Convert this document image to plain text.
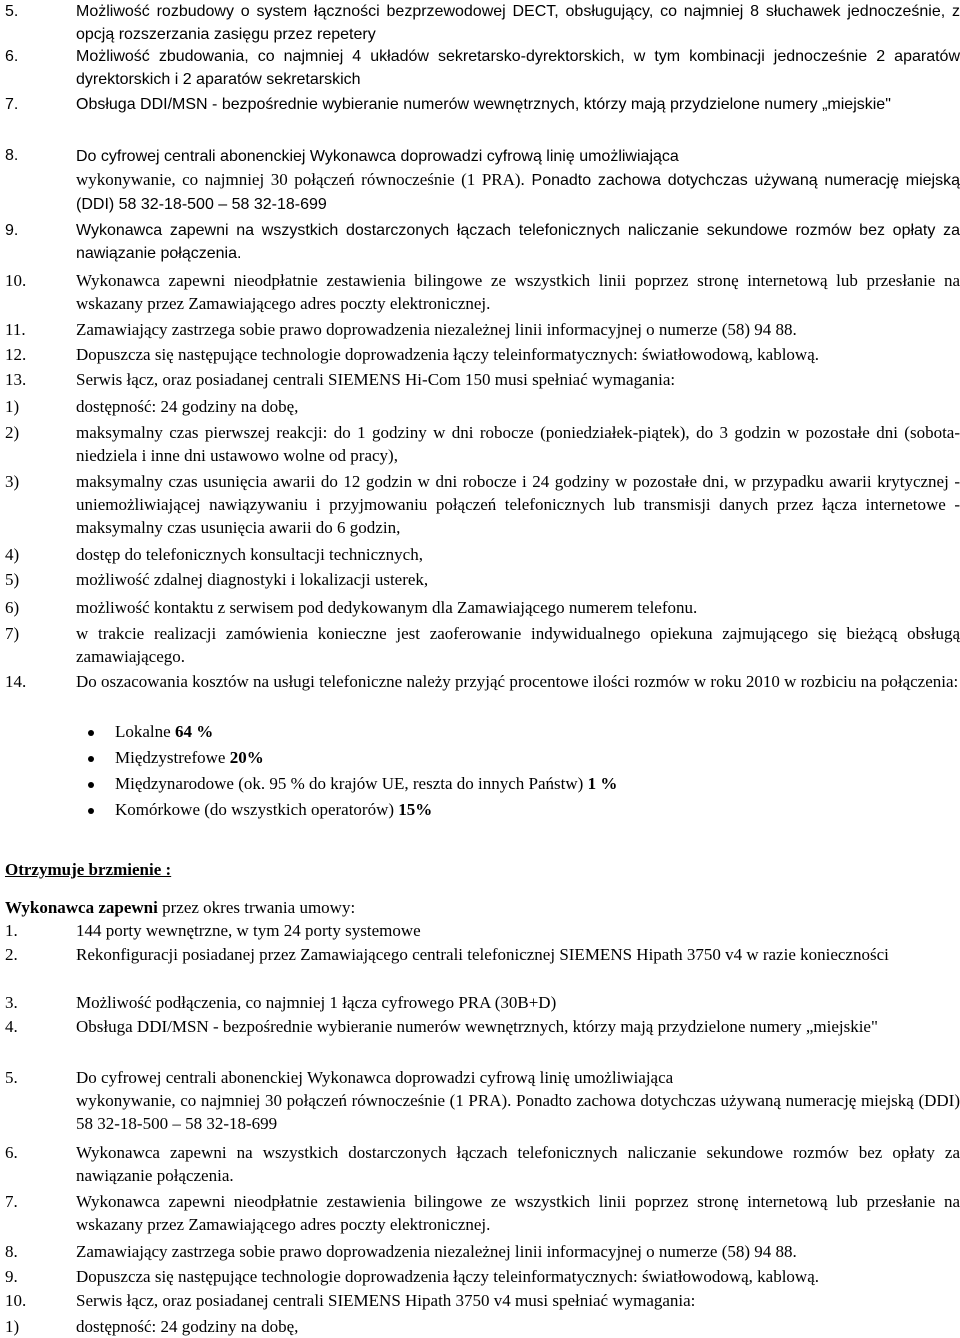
5.	Możliwość rozbudowy o system łączności bezprzewodowej DECT, obsługujący, co najmniej 8 słuchawek jednocześnie, z opcją rozszerzania zasięgu przez repetery
6.	Możliwość zbudowania, co najmniej 4 układów sekretarsko-dyrektorskich, w tym kombinacji jednocześnie 2 aparatów dyrektorskich i 2 aparatów sekretarskich
7.	Obsługa DDI/MSN - bezpośrednie wybieranie numerów wewnętrznych, którzy mają przydzielone numery „miejskie"
8.	Do cyfrowej centrali abonenckiej Wykonawca doprowadzi cyfrową linię umożliwiająca
wykonywanie, co najmniej 30 połączeń równocześnie (1 PRA). Ponadto zachowa dotychczas używaną numerację miejską (DDI) 58 32-18-500 – 58 32-18-699
9.	Wykonawca zapewni na wszystkich dostarczonych łączach telefonicznych naliczanie sekundowe rozmów bez opłaty za nawiązanie połączenia.
10.	Wykonawca zapewni nieodpłatnie zestawienia bilingowe ze wszystkich linii poprzez stronę internetową lub przesłanie na wskazany przez Zamawiającego adres poczty elektronicznej.
11.	Zamawiający zastrzega sobie prawo doprowadzenia niezależnej linii informacyjnej o numerze (58) 94 88.
12.	Dopuszcza się następujące technologie doprowadzenia łączy teleinformatycznych: światłowodową, kablową.
13.	Serwis łącz, oraz posiadanej centrali SIEMENS Hi-Com 150 musi spełniać wymagania:
1)	dostępność: 24 godziny na dobę,
2)	maksymalny czas pierwszej reakcji: do 1 godziny w dni robocze (poniedziałek-piątek), do 3 godzin w pozostałe dni (sobota-niedziela i inne dni ustawowo wolne od pracy),
3)	maksymalny czas usunięcia awarii do 12 godzin w dni robocze i 24 godziny w pozostałe dni, w przypadku awarii krytycznej - uniemożliwiającej nawiązywaniu i przyjmowaniu połączeń telefonicznych lub transmisji danych przez łącza internetowe - maksymalny czas usunięcia awarii do 6 godzin,
4)	dostęp do telefonicznych konsultacji technicznych,
5)	możliwość zdalnej diagnostyki i lokalizacji usterek,
6)	możliwość kontaktu z serwisem pod dedykowanym dla Zamawiającego numerem telefonu.
7)	w trakcie realizacji zamówienia konieczne jest zaoferowanie indywidualnego opiekuna zajmującego się bieżącą obsługą zamawiającego.
14.	Do oszacowania kosztów na usługi telefoniczne należy przyjąć procentowe ilości rozmów w roku 2010 w rozbiciu na połączenia:
Lokalne 64 %
Międzystrefowe 20%
Międzynarodowe (ok. 95 % do krajów UE, reszta do innych Państw) 1 %
Komórkowe (do wszystkich operatorów) 15%
Otrzymuje brzmienie :
Wykonawca zapewni przez okres trwania umowy:
1.	144 porty wewnętrzne, w tym 24 porty systemowe
2.	Rekonfiguracji posiadanej przez Zamawiającego centrali telefonicznej SIEMENS Hipath 3750 v4 w razie konieczności
3.	Możliwość podłączenia, co najmniej 1 łącza cyfrowego PRA (30B+D)
4.	Obsługa DDI/MSN - bezpośrednie wybieranie numerów wewnętrznych, którzy mają przydzielone numery „miejskie"
5.	Do cyfrowej centrali abonenckiej Wykonawca doprowadzi cyfrową linię umożliwiająca
wykonywanie, co najmniej 30 połączeń równocześnie (1 PRA). Ponadto zachowa dotychczas używaną numerację miejską (DDI) 58 32-18-500 – 58 32-18-699
6.	Wykonawca zapewni na wszystkich dostarczonych łączach telefonicznych naliczanie sekundowe rozmów bez opłaty za nawiązanie połączenia.
7.	Wykonawca zapewni nieodpłatnie zestawienia bilingowe ze wszystkich linii poprzez stronę internetową lub przesłanie na wskazany przez Zamawiającego adres poczty elektronicznej.
8.	Zamawiający zastrzega sobie prawo doprowadzenia niezależnej linii informacyjnej o numerze (58) 94 88.
9.	Dopuszcza się następujące technologie doprowadzenia łączy teleinformatycznych: światłowodową, kablową.
10.	Serwis łącz, oraz posiadanej centrali SIEMENS Hipath 3750 v4 musi spełniać wymagania:
1)	dostępność: 24 godziny na dobę,
